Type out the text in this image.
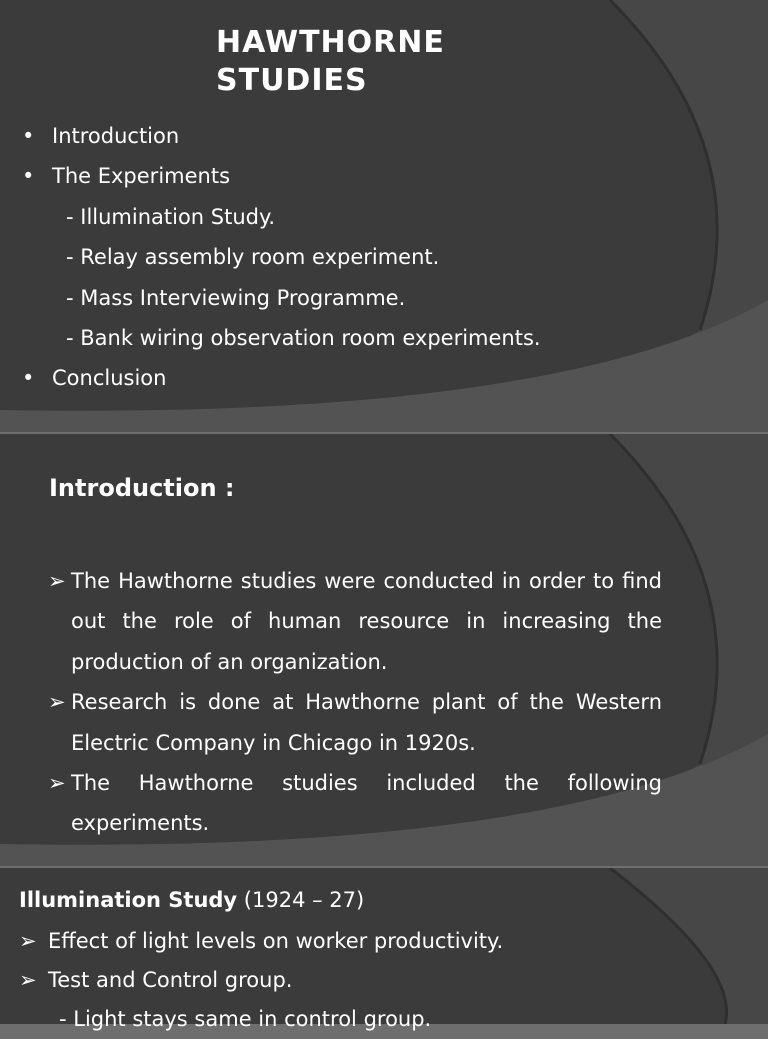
HAWTHORNE
STUDIES
• Introduction
• The Experiments
- Illumination Study.
- Relay assembly room experiment.
- Mass Interviewing Programme.
- Bank wiring observation room experiments.
• Conclusion
Introduction :
➢ The Hawthorne studies were conducted in order to find out the role of human resource in increasing the production of an organization.
➢ Research is done at Hawthorne plant of the Western Electric Company in Chicago in 1920s.
➢ The Hawthorne studies included the following
experiments.
Illumination Study (1924 – 27)
➢ Effect of light levels on worker productivity.
➢ Test and Control group.
- Light stays same in control group.
